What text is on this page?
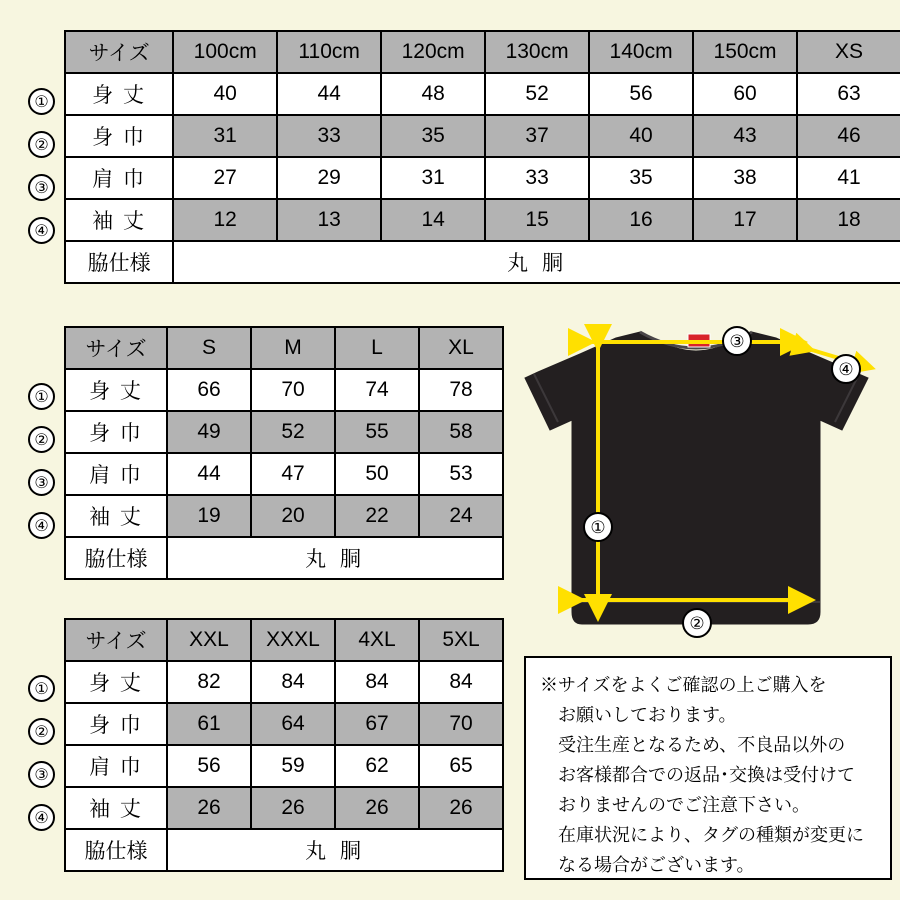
①
②
③
④
サイズ	100cm	110cm	120cm	130cm	140cm	150cm	XS
身 丈	40	44	48	52	56	60	63
身 巾	31	33	35	37	40	43	46
肩 巾	27	29	31	33	35	38	41
袖 丈	12	13	14	15	16	17	18
脇仕様	丸 胴						
①
②
③
④
サイズ	S	M	L	XL
身 丈	66	70	74	78
身 巾	49	52	55	58
肩 巾	44	47	50	53
袖 丈	19	20	22	24
脇仕様	丸 胴			
①
②
③
④
サイズ	XXL	XXXL	4XL	5XL
身 丈	82	84	84	84
身 巾	61	64	67	70
肩 巾	56	59	62	65
袖 丈	26	26	26	26
脇仕様	丸 胴			
③
④
①
②

※サイズをよくご確認の上ご購入を

　お願いしております。

　受注生産となるため、不良品以外の

　お客様都合での返品･交換は受付けて

　おりませんのでご注意下さい。

　在庫状況により、タグの種類が変更に

　なる場合がございます。
